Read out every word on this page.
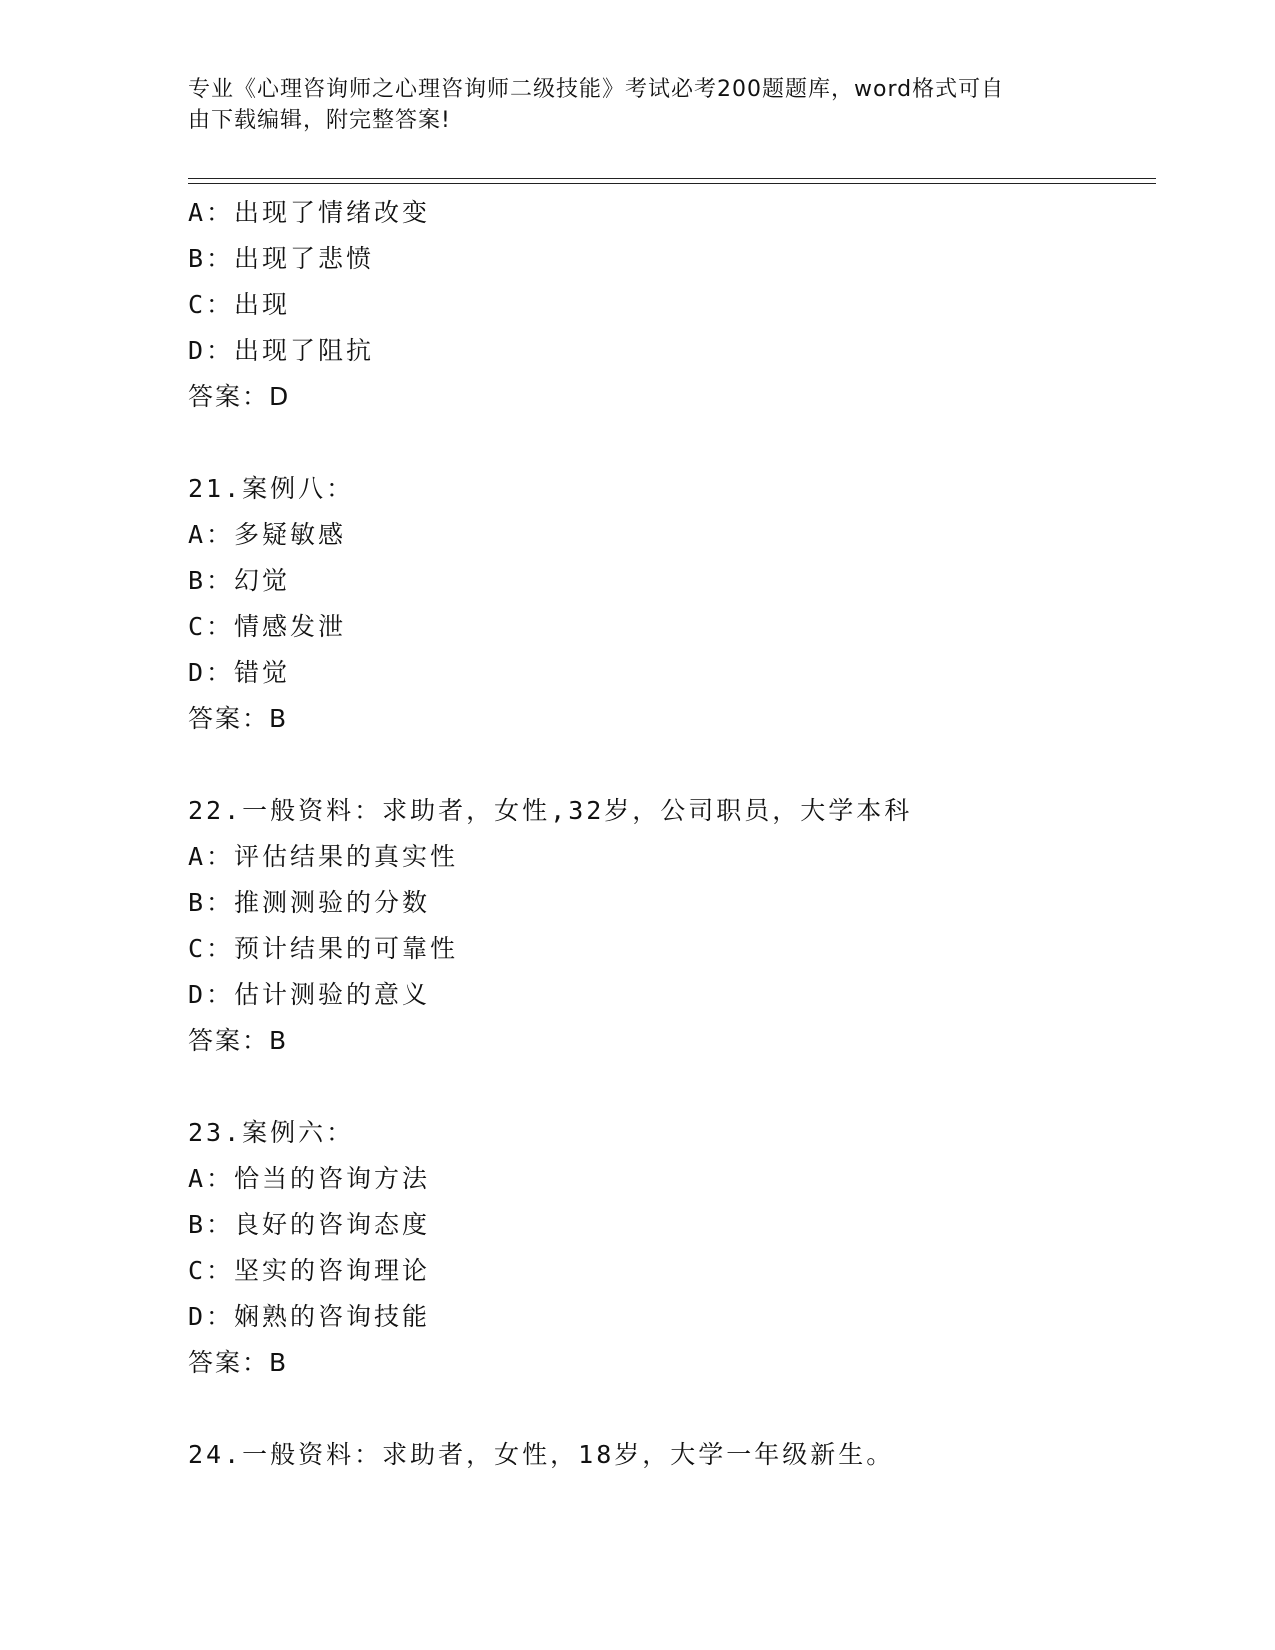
专业《心理咨询师之心理咨询师二级技能》考试必考200题题库，word格式可自
由下载编辑，附完整答案!
A：出现了情绪改变
B：出现了悲愤
C：出现
D：出现了阻抗
答案：D
21.案例八：
A：多疑敏感
B：幻觉
C：情感发泄
D：错觉
答案：B
22.一般资料：求助者，女性,32岁，公司职员，大学本科
A：评估结果的真实性
B：推测测验的分数
C：预计结果的可靠性
D：估计测验的意义
答案：B
23.案例六：
A：恰当的咨询方法
B：良好的咨询态度
C：坚实的咨询理论
D：娴熟的咨询技能
答案：B
24.一般资料：求助者，女性，18岁，大学一年级新生。
